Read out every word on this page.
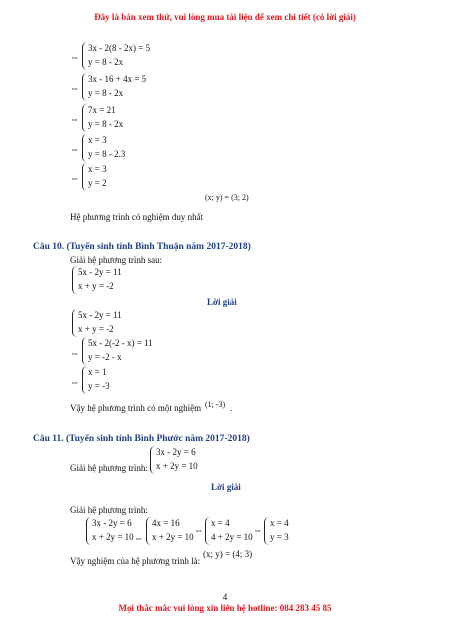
Đây là bản xem thử, vui lòng mua tài liệu để xem chi tiết (có lời giải)
4
Mọi thắc mắc vui lòng xin liên hệ hotline: 084 283 45 85
⇔
3x - 2(8 - 2x) = 5
y = 8 - 2x
⇔
3x - 16 + 4x = 5
y = 8 - 2x
⇔
7x = 21
y = 8 - 2x
⇔
x = 3
y = 8 - 2.3
⇔
x = 3
y = 2
(x; y) = (3; 2)
Hệ phương trình có nghiệm duy nhất
Câu 10. (Tuyển sinh tỉnh Bình Thuận năm 2017-2018)
Giải hệ phương trình sau:
5x - 2y = 11
x + y = -2
Lời giải
5x - 2y = 11
x + y = -2
⇔
5x - 2(-2 - x) = 11
y = -2 - x
⇔
x = 1
y = -3
Vậy hệ phương trình có một nghiệm (1; -3) .
Câu 11. (Tuyển sinh tỉnh Bình Phước năm 2017-2018)
Giải hệ phương trình:
3x - 2y = 6
x + 2y = 10
Lời giải
Giải hệ phương trình:
3x - 2y = 6
x + 2y = 10 ⇔
4x = 16
x + 2y = 10
⇔
x = 4
4 + 2y = 10
⇔
x = 4
y = 3
Vậy nghiệm của hệ phương trình là:
(x; y) = (4; 3)
